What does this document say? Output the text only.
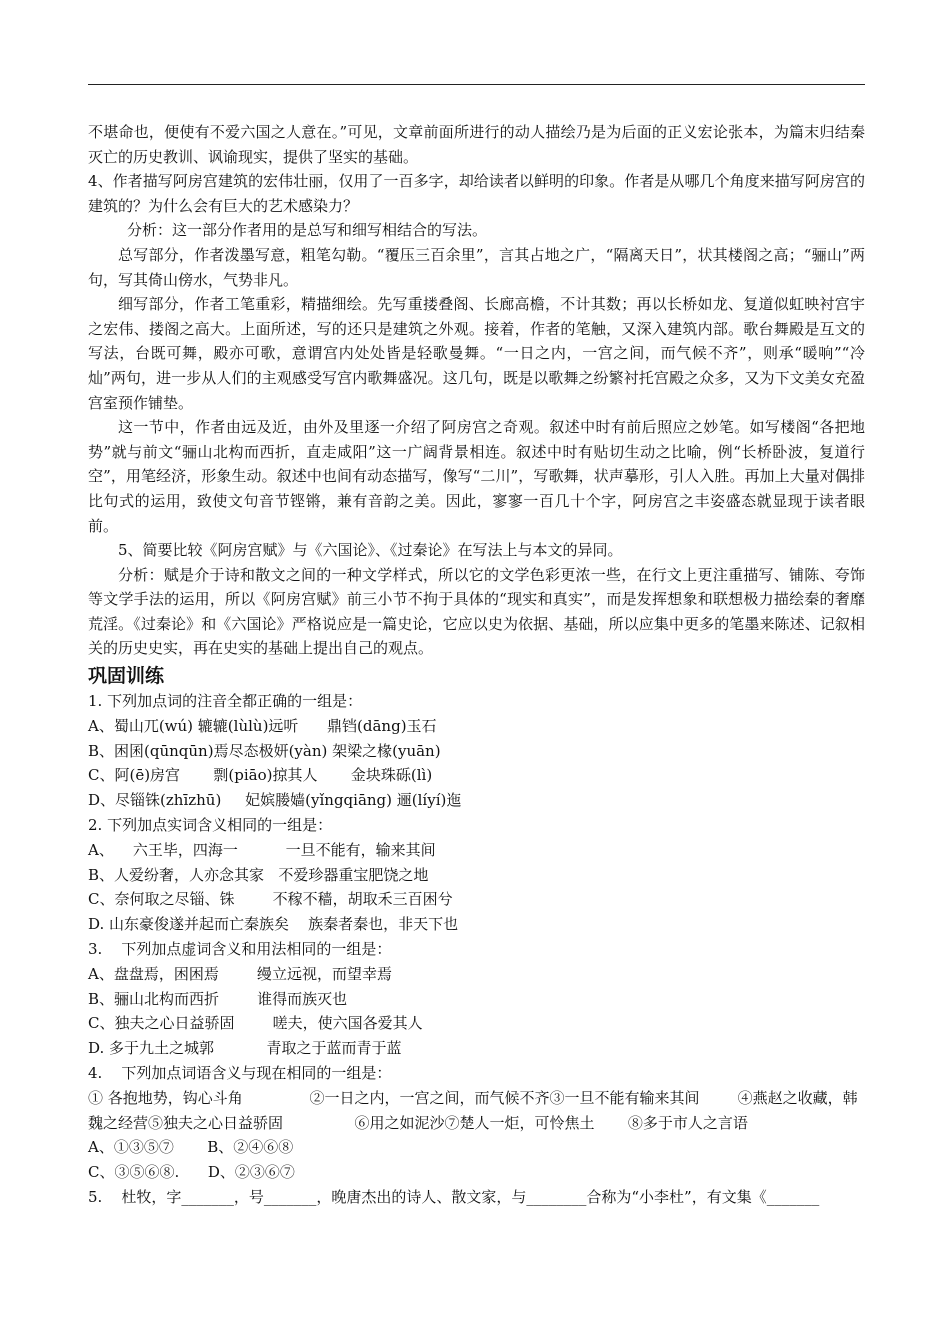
不堪命也，便使有不爱六国之人意在。”可见，文章前面所进行的动人描绘乃是为后面的正义宏论张本，为篇末归结秦灭亡的历史教训、讽谕现实，提供了坚实的基础。

4、作者描写阿房宫建筑的宏伟壮丽，仅用了一百多字，却给读者以鲜明的印象。作者是从哪几个角度来描写阿房宫的建筑的？为什么会有巨大的艺术感染力？

分析：这一部分作者用的是总写和细写相结合的写法。

总写部分，作者泼墨写意，粗笔勾勒。“覆压三百余里”，言其占地之广，“隔离天日”，状其楼阁之高；“骊山”两句，写其倚山傍水，气势非凡。

细写部分，作者工笔重彩，精描细绘。先写重搂叠阁、长廊高檐，不计其数；再以长桥如龙、复道似虹映衬宫宇之宏伟、搂阁之高大。上面所述，写的还只是建筑之外观。接着，作者的笔触，又深入建筑内部。歌台舞殿是互文的写法，台既可舞，殿亦可歌，意谓宫内处处皆是轻歌曼舞。“一日之内，一宫之间，而气候不齐”，则承“暖响”“冷灿”两句，进一步从人们的主观感受写宫内歌舞盛况。这几句，既是以歌舞之纷繁衬托宫殿之众多，又为下文美女充盈宫室预作铺垫。

这一节中，作者由远及近，由外及里逐一介绍了阿房宫之奇观。叙述中时有前后照应之妙笔。如写楼阁“各把地势”就与前文“骊山北构而西折，直走咸阳”这一广阔背景相连。叙述中时有贴切生动之比喻，例“长桥卧波，复道行空”，用笔经济，形象生动。叙述中也间有动态描写，像写“二川”，写歌舞，状声摹形，引人入胜。再加上大量对偶排比句式的运用，致使文句音节铿锵，兼有音韵之美。因此，寥寥一百几十个字，阿房宫之丰姿盛态就显现于读者眼前。

5、简要比较《阿房宫赋》与《六国论》、《过秦论》在写法上与本文的异同。

分析：赋是介于诗和散文之间的一种文学样式，所以它的文学色彩更浓一些，在行文上更注重描写、铺陈、夸饰等文学手法的运用，所以《阿房宫赋》前三小节不拘于具体的“现实和真实”，而是发挥想象和联想极力描绘秦的奢靡荒淫。《过秦论》和《六国论》严格说应是一篇史论，它应以史为依据、基础，所以应集中更多的笔墨来陈述、记叙相关的历史史实，再在史实的基础上提出自己的观点。

巩固训练

1. 下列加点词的注音全都正确的一组是：

A、蜀山兀(wú) 辘辘(lùlù)远听      鼎铛(dāng)玉石

B、困囷(qūnqūn)焉尽态极妍(yàn) 架梁之椽(yuān)

C、阿(ē)房宫       剽(piāo)掠其人       金块珠砾(lì)

D、尽锱铢(zhīzhū)     妃嫔媵嫱(yǐngqiāng) 逦(líyí)迤

2. 下列加点实词含义相同的一组是：

A、    六王毕，四海一          一旦不能有，输来其间

B、人爱纷奢，人亦念其家   不爱珍器重宝肥饶之地

C、奈何取之尽锱、铢        不稼不穑，胡取禾三百困兮

D. 山东豪俊遂并起而亡秦族矣    族秦者秦也，非天下也

3.    下列加点虚词含义和用法相同的一组是：

A、盘盘焉，困困焉        缦立远视，而望幸焉

B、骊山北构而西折        谁得而族灭也

C、独夫之心日益骄固        嗟夫，使六国各爱其人

D. 多于九土之城郭           青取之于蓝而青于蓝

4.    下列加点词语含义与现在相同的一组是：

① 各抱地势，钩心斗角              ②一日之内，一宫之间，而气候不齐③一旦不能有输来其间        ④燕赵之收藏，韩魏之经营⑤独夫之心日益骄固               ⑥用之如泥沙⑦楚人一炬，可怜焦土       ⑧多于市人之言语

A、①③⑤⑦       B、②④⑥⑧

C、③⑤⑥⑧.      D、②③⑥⑦

5.    杜牧，字_______，号_______，晚唐杰出的诗人、散文家，与________合称为“小李杜”，有文集《_______
